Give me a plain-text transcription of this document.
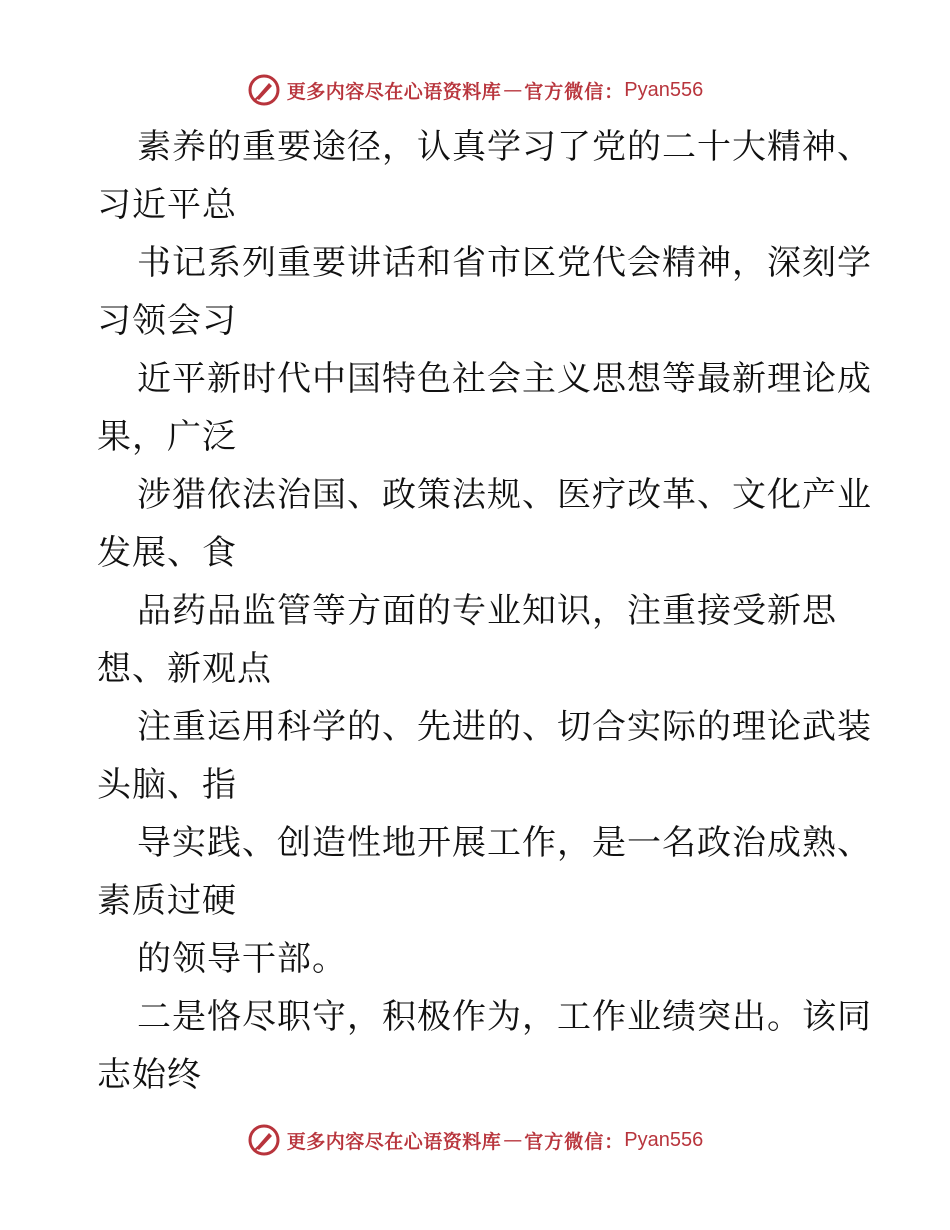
更多内容尽在心语资料库 — 官方微信： Pyan556
素养的重要途径，认真学习了党的二十大精神、
习近平总
书记系列重要讲话和省市区党代会精神，深刻学
习领会习
近平新时代中国特色社会主义思想等最新理论成
果，广泛
涉猎依法治国、政策法规、医疗改革、文化产业
发展、食
品药品监管等方面的专业知识，注重接受新思
想、新观点
注重运用科学的、先进的、切合实际的理论武装
头脑、指
导实践、创造性地开展工作，是一名政治成熟、
素质过硬
的领导干部。
二是恪尽职守，积极作为，工作业绩突出。该同
志始终
更多内容尽在心语资料库 — 官方微信： Pyan556
